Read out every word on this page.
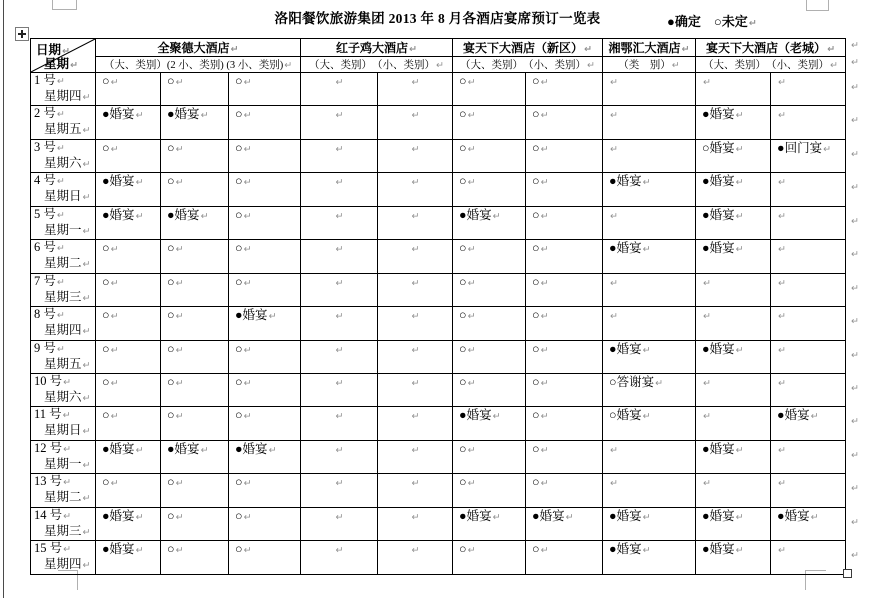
洛阳餐饮旅游集团 2013 年 8 月各酒店宴席预订一览表	●确定 ○未定↵
日期↵
星期↵	全聚德大酒店↵			红子鸡大酒店↵		宴天下大酒店（新区）↵		湘鄂汇大酒店↵	宴天下大酒店（老城）↵	
	（大、类别）(2 小、类别) (3 小、类别)↵			（大、类别）　（小、类别）↵		（大、类别）　（小、类别）↵		（类　别）↵	（大、类别）　（小、类别）↵	

1 号↵
星期四↵	○↵	○↵	○↵	↵	↵	○↵	○↵	↵	↵	↵

2 号↵
星期五↵	●婚宴↵	●婚宴↵	○↵	↵	↵	○↵	○↵	↵	●婚宴↵	↵

3 号↵
星期六↵	○↵	○↵	○↵	↵	↵	○↵	○↵	↵	○婚宴↵	●回门宴↵

4 号↵
星期日↵	●婚宴↵	○↵	○↵	↵	↵	○↵	○↵	●婚宴↵	●婚宴↵	↵

5 号↵
星期一↵	●婚宴↵	●婚宴↵	○↵	↵	↵	●婚宴↵	○↵	↵	●婚宴↵	↵

6 号↵
星期二↵	○↵	○↵	○↵	↵	↵	○↵	○↵	●婚宴↵	●婚宴↵	↵

7 号↵
星期三↵	○↵	○↵	○↵	↵	↵	○↵	○↵	↵	↵	↵

8 号↵
星期四↵	○↵	○↵	●婚宴↵	↵	↵	○↵	○↵	↵	↵	↵

9 号↵
星期五↵	○↵	○↵	○↵	↵	↵	○↵	○↵	●婚宴↵	●婚宴↵	↵

10 号↵
星期六↵	○↵	○↵	○↵	↵	↵	○↵	○↵	○答谢宴↵	↵	↵

11 号↵
星期日↵	○↵	○↵	○↵	↵	↵	●婚宴↵	○↵	○婚宴↵	↵	●婚宴↵

12 号↵
星期一↵	●婚宴↵	●婚宴↵	●婚宴↵	↵	↵	○↵	○↵	↵	●婚宴↵	↵

13 号↵
星期二↵	○↵	○↵	○↵	↵	↵	○↵	○↵	↵	↵	↵

14 号↵
星期三↵	●婚宴↵	○↵	○↵	↵	↵	●婚宴↵	●婚宴↵	●婚宴↵	●婚宴↵	●婚宴↵

15 号↵
星期四↵	●婚宴↵	○↵	○↵	↵	↵	○↵	○↵	●婚宴↵	●婚宴↵	↵
↵
↵
↵
↵
↵
↵
↵
↵
↵
↵
↵
↵
↵
↵
↵
↵
↵
